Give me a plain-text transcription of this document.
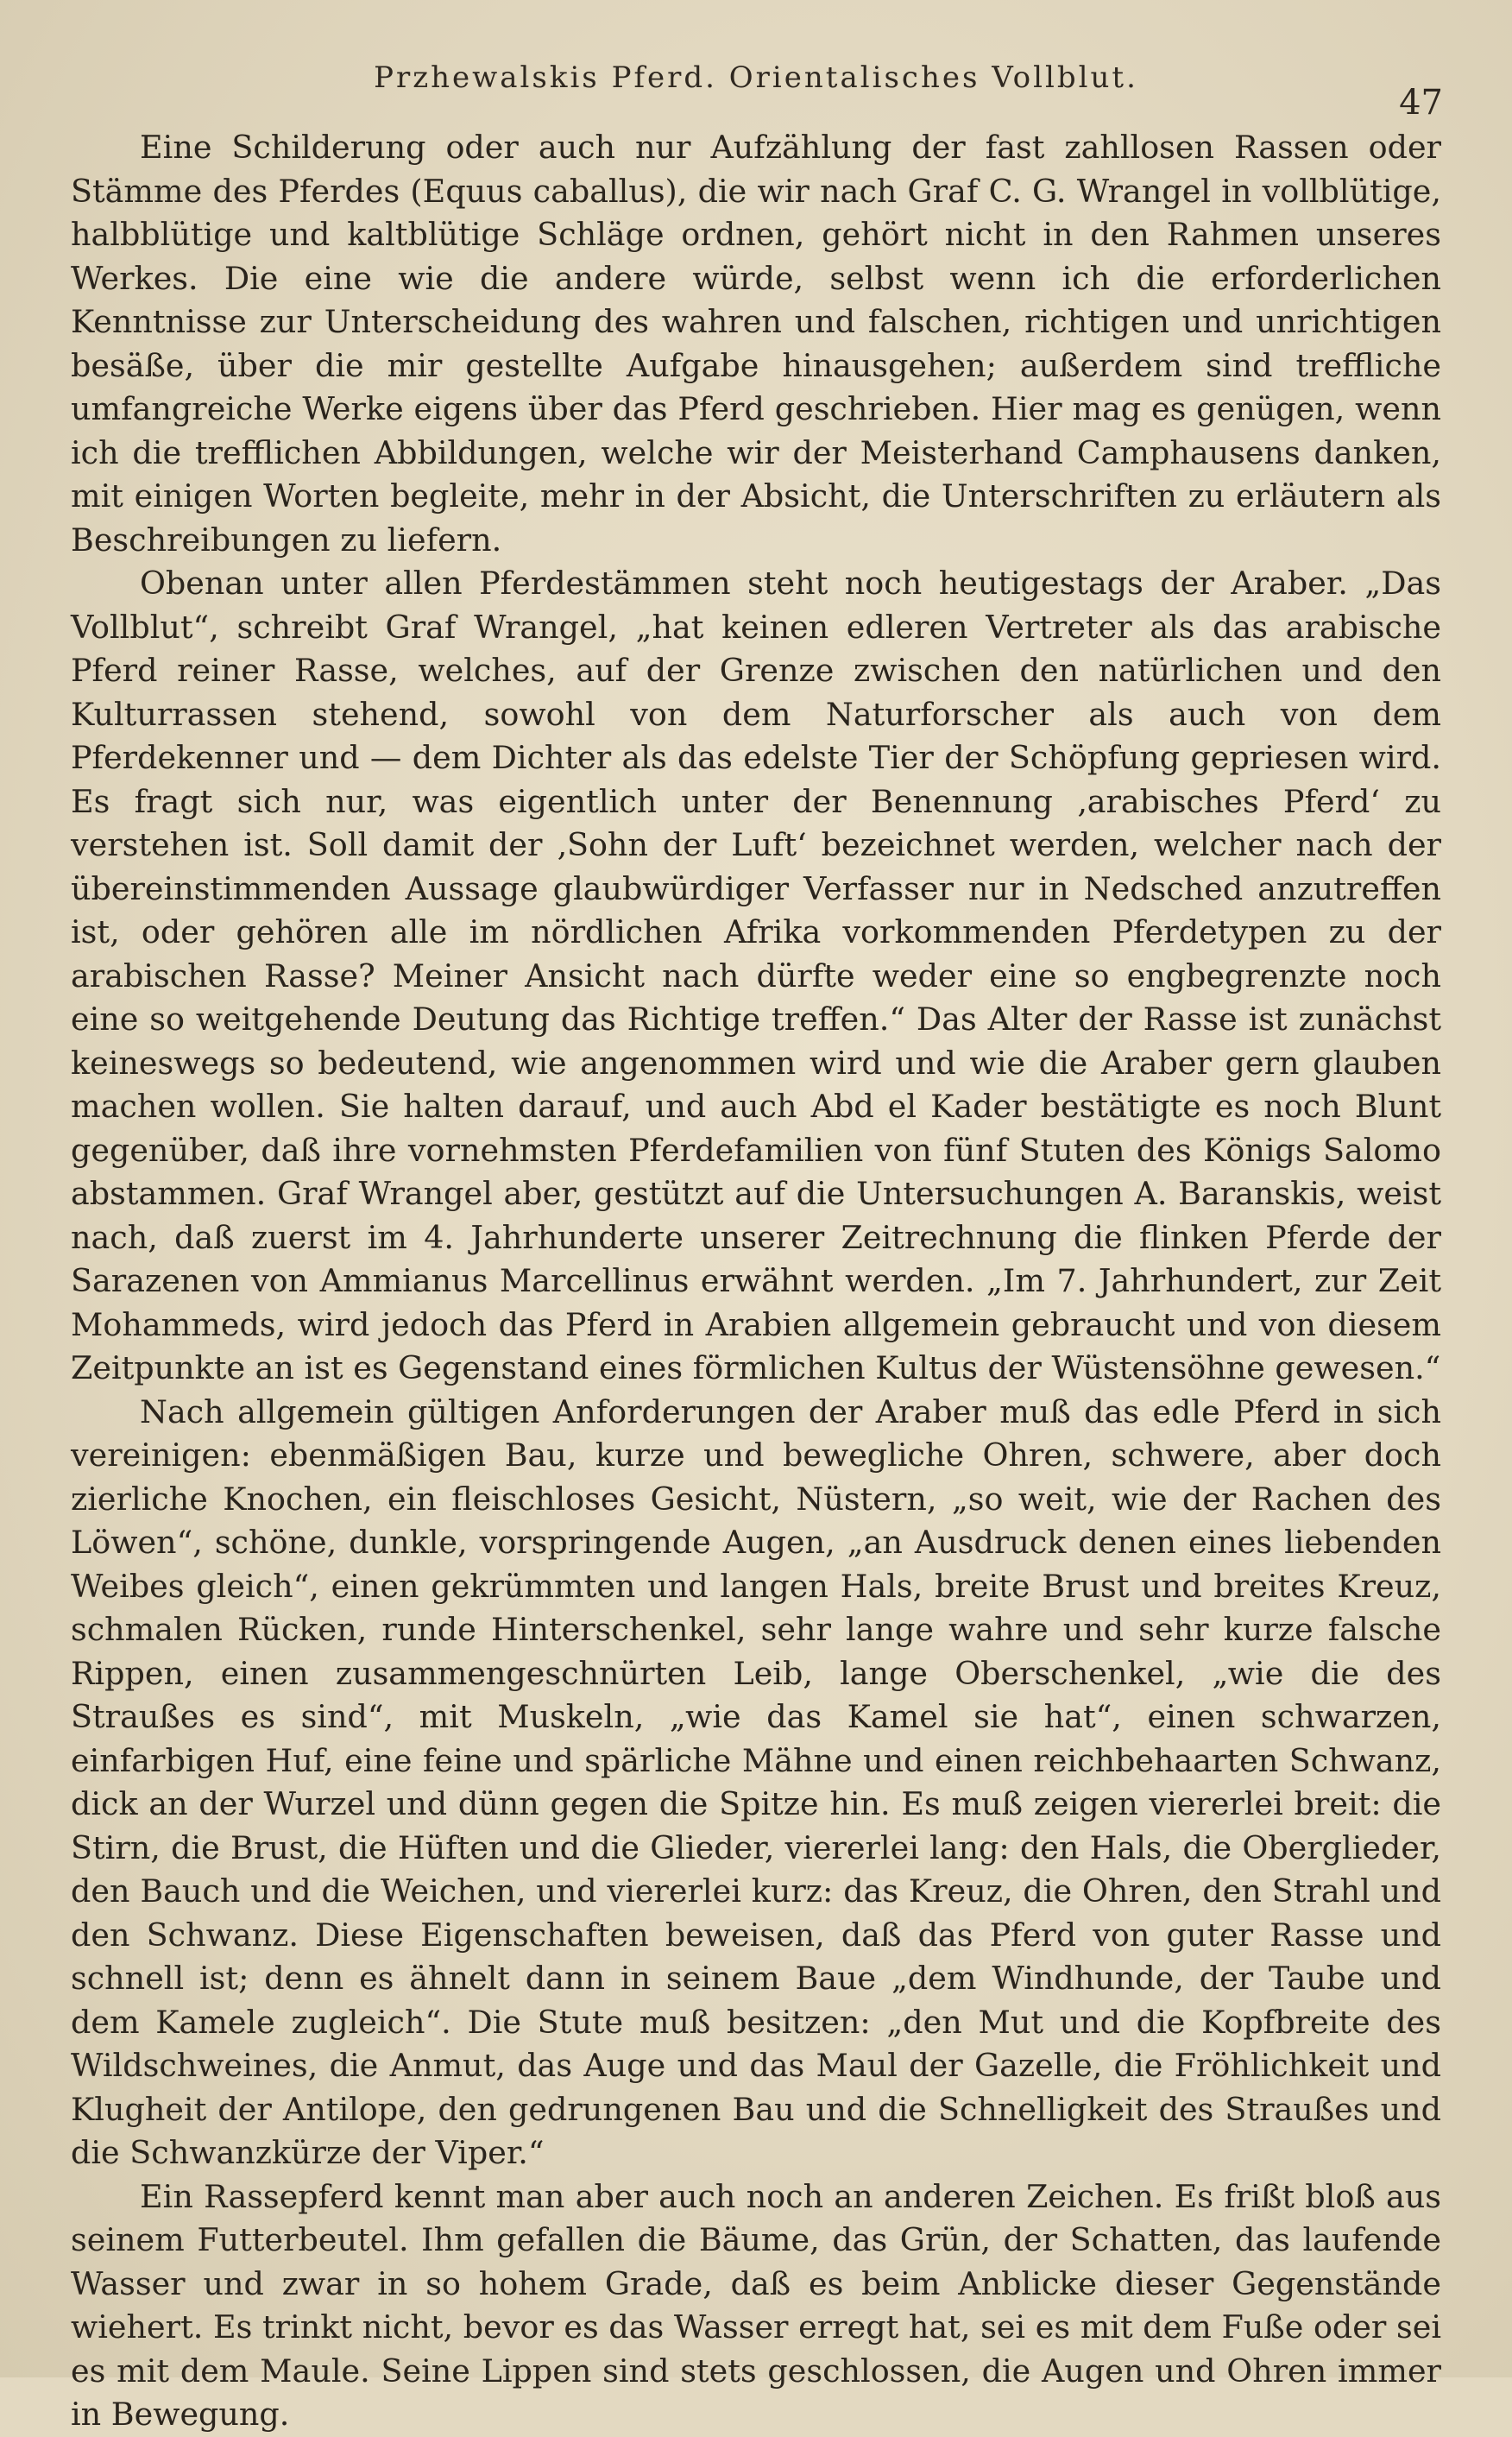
Przhewalskis Pferd. Orientalisches Vollblut.
47

Eine Schilderung oder auch nur Aufzählung der fast zahllosen Rassen oder Stämme des Pferdes (Equus caballus), die wir nach Graf C. G. Wrangel in vollblütige, halbblütige und kaltblütige Schläge ordnen, gehört nicht in den Rahmen unseres Werkes. Die eine wie die andere würde, selbst wenn ich die erforderlichen Kenntnisse zur Unterscheidung des wahren und falschen, richtigen und unrichtigen besäße, über die mir gestellte Aufgabe hinausgehen; außerdem sind treffliche umfangreiche Werke eigens über das Pferd geschrieben. Hier mag es genügen, wenn ich die trefflichen Abbildungen, welche wir der Meisterhand Camphausens danken, mit einigen Worten begleite, mehr in der Absicht, die Unterschriften zu erläutern als Beschreibungen zu liefern.

Obenan unter allen Pferdestämmen steht noch heutigestags der Araber. „Das Vollblut“, schreibt Graf Wrangel, „hat keinen edleren Vertreter als das arabische Pferd reiner Rasse, welches, auf der Grenze zwischen den natürlichen und den Kulturrassen stehend, sowohl von dem Naturforscher als auch von dem Pferdekenner und — dem Dichter als das edelste Tier der Schöpfung gepriesen wird. Es fragt sich nur, was eigentlich unter der Benennung ‚arabisches Pferd‘ zu verstehen ist. Soll damit der ‚Sohn der Luft‘ bezeichnet werden, welcher nach der übereinstimmenden Aussage glaubwürdiger Verfasser nur in Nedsched anzutreffen ist, oder gehören alle im nördlichen Afrika vorkommenden Pferdetypen zu der arabischen Rasse? Meiner Ansicht nach dürfte weder eine so engbegrenzte noch eine so weitgehende Deutung das Richtige treffen.“ Das Alter der Rasse ist zunächst keineswegs so bedeutend, wie angenommen wird und wie die Araber gern glauben machen wollen. Sie halten darauf, und auch Abd el Kader bestätigte es noch Blunt gegenüber, daß ihre vornehmsten Pferdefamilien von fünf Stuten des Königs Salomo abstammen. Graf Wrangel aber, gestützt auf die Untersuchungen A. Baranskis, weist nach, daß zuerst im 4. Jahrhunderte unserer Zeitrechnung die flinken Pferde der Sarazenen von Ammianus Marcellinus erwähnt werden. „Im 7. Jahrhundert, zur Zeit Mohammeds, wird jedoch das Pferd in Arabien allgemein gebraucht und von diesem Zeitpunkte an ist es Gegenstand eines förmlichen Kultus der Wüstensöhne gewesen.“

Nach allgemein gültigen Anforderungen der Araber muß das edle Pferd in sich vereinigen: ebenmäßigen Bau, kurze und bewegliche Ohren, schwere, aber doch zierliche Knochen, ein fleischloses Gesicht, Nüstern, „so weit, wie der Rachen des Löwen“, schöne, dunkle, vorspringende Augen, „an Ausdruck denen eines liebenden Weibes gleich“, einen gekrümmten und langen Hals, breite Brust und breites Kreuz, schmalen Rücken, runde Hinterschenkel, sehr lange wahre und sehr kurze falsche Rippen, einen zusammengeschnürten Leib, lange Oberschenkel, „wie die des Straußes es sind“, mit Muskeln, „wie das Kamel sie hat“, einen schwarzen, einfarbigen Huf, eine feine und spärliche Mähne und einen reichbehaarten Schwanz, dick an der Wurzel und dünn gegen die Spitze hin. Es muß zeigen viererlei breit: die Stirn, die Brust, die Hüften und die Glieder, viererlei lang: den Hals, die Oberglieder, den Bauch und die Weichen, und viererlei kurz: das Kreuz, die Ohren, den Strahl und den Schwanz. Diese Eigenschaften beweisen, daß das Pferd von guter Rasse und schnell ist; denn es ähnelt dann in seinem Baue „dem Windhunde, der Taube und dem Kamele zugleich“. Die Stute muß besitzen: „den Mut und die Kopfbreite des Wildschweines, die Anmut, das Auge und das Maul der Gazelle, die Fröhlichkeit und Klugheit der Antilope, den gedrungenen Bau und die Schnelligkeit des Straußes und die Schwanzkürze der Viper.“

Ein Rassepferd kennt man aber auch noch an anderen Zeichen. Es frißt bloß aus seinem Futterbeutel. Ihm gefallen die Bäume, das Grün, der Schatten, das laufende Wasser und zwar in so hohem Grade, daß es beim Anblicke dieser Gegenstände wiehert. Es trinkt nicht, bevor es das Wasser erregt hat, sei es mit dem Fuße oder sei es mit dem Maule. Seine Lippen sind stets geschlossen, die Augen und Ohren immer in Bewegung.
